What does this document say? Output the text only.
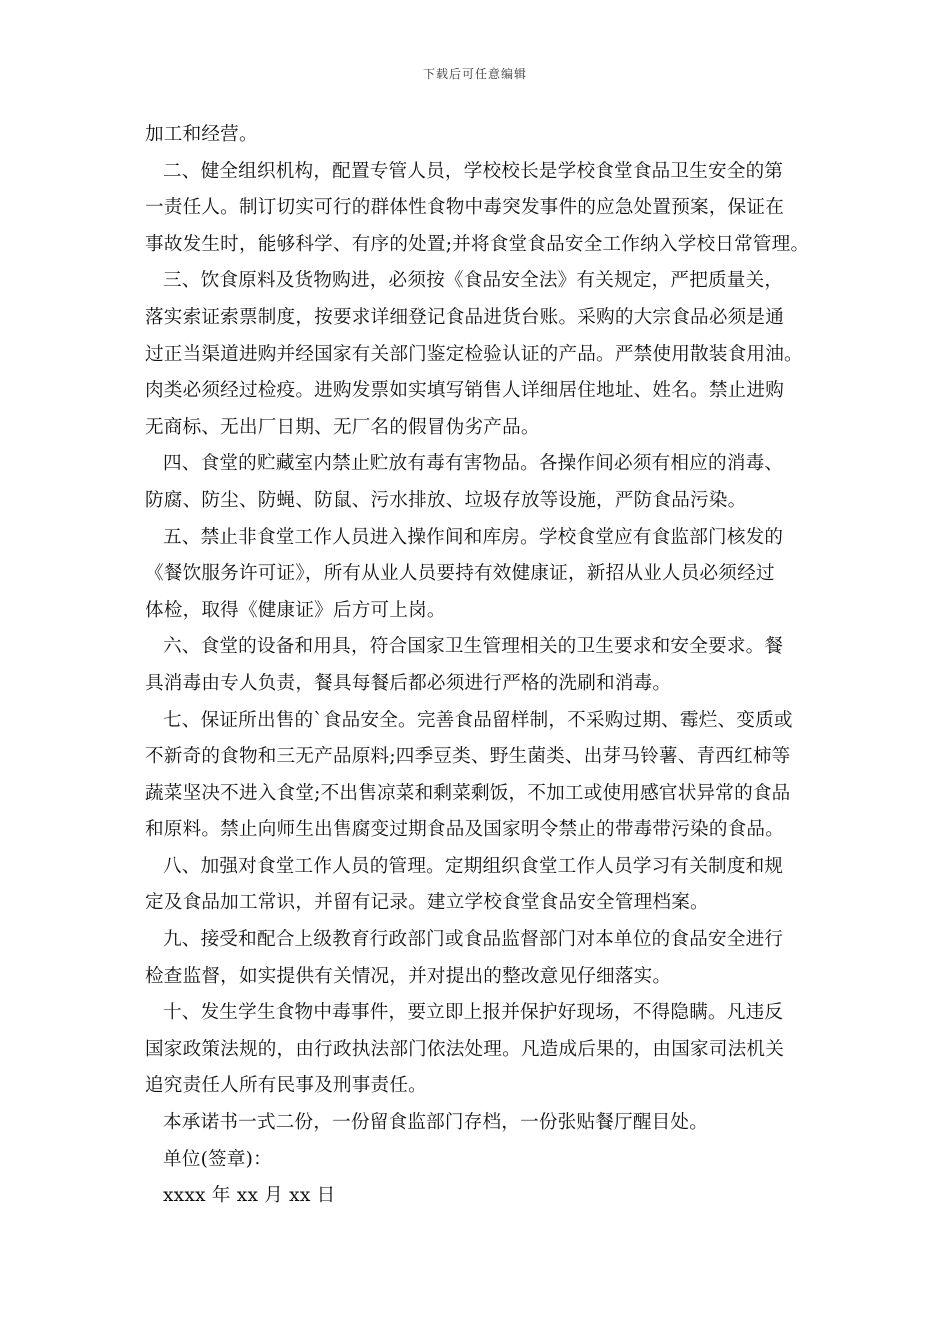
下载后可任意编辑
加工和经营。
二、健全组织机构，配置专管人员，学校校长是学校食堂食品卫生安全的第
一责任人。制订切实可行的群体性食物中毒突发事件的应急处置预案，保证在
事故发生时，能够科学、有序的处置;并将食堂食品安全工作纳入学校日常管理。
三、饮食原料及货物购进，必须按《食品安全法》有关规定，严把质量关，
落实索证索票制度，按要求详细登记食品进货台账。采购的大宗食品必须是通
过正当渠道进购并经国家有关部门鉴定检验认证的产品。严禁使用散装食用油。
肉类必须经过检疫。进购发票如实填写销售人详细居住地址、姓名。禁止进购
无商标、无出厂日期、无厂名的假冒伪劣产品。
四、食堂的贮藏室内禁止贮放有毒有害物品。各操作间必须有相应的消毒、
防腐、防尘、防蝇、防鼠、污水排放、垃圾存放等设施，严防食品污染。
五、禁止非食堂工作人员进入操作间和库房。学校食堂应有食监部门核发的
《餐饮服务许可证》，所有从业人员要持有效健康证，新招从业人员必须经过
体检，取得《健康证》后方可上岗。
六、食堂的设备和用具，符合国家卫生管理相关的卫生要求和安全要求。餐
具消毒由专人负责，餐具每餐后都必须进行严格的洗刷和消毒。
七、保证所出售的`食品安全。完善食品留样制，不采购过期、霉烂、变质或
不新奇的食物和三无产品原料;四季豆类、野生菌类、出芽马铃薯、青西红柿等
蔬菜坚决不进入食堂;不出售凉菜和剩菜剩饭，不加工或使用感官状异常的食品
和原料。禁止向师生出售腐变过期食品及国家明令禁止的带毒带污染的食品。
八、加强对食堂工作人员的管理。定期组织食堂工作人员学习有关制度和规
定及食品加工常识，并留有记录。建立学校食堂食品安全管理档案。
九、接受和配合上级教育行政部门或食品监督部门对本单位的食品安全进行
检查监督，如实提供有关情况，并对提出的整改意见仔细落实。
十、发生学生食物中毒事件，要立即上报并保护好现场，不得隐瞒。凡违反
国家政策法规的，由行政执法部门依法处理。凡造成后果的，由国家司法机关
追究责任人所有民事及刑事责任。
本承诺书一式二份，一份留食监部门存档，一份张贴餐厅醒目处。
单位(签章)：
xxxx 年 xx 月 xx 日
